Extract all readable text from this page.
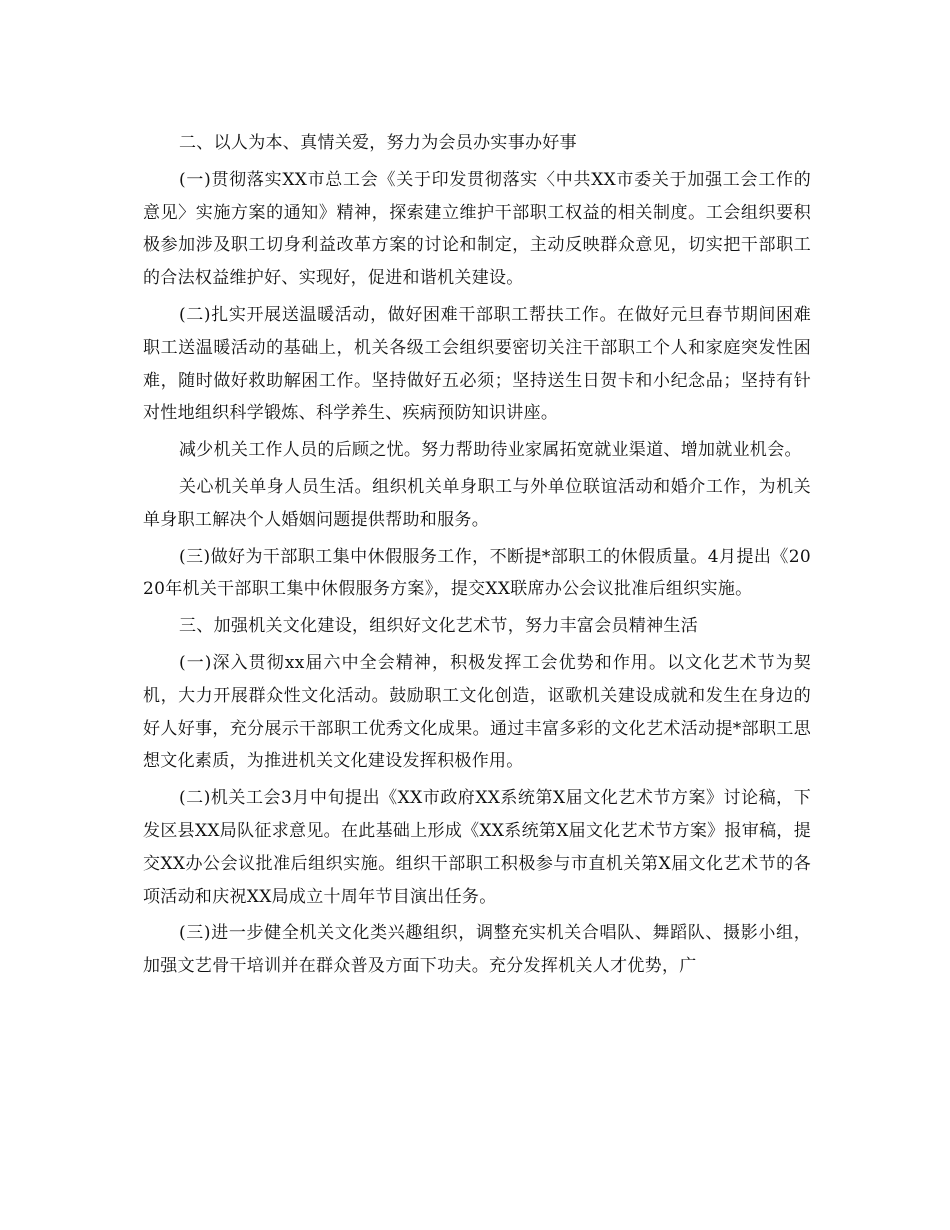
二、以人为本、真情关爱，努力为会员办实事办好事

(一)贯彻落实XX市总工会《关于印发贯彻落实〈中共XX市委关于加强工会工作的意见〉实施方案的通知》精神，探索建立维护干部职工权益的相关制度。工会组织要积极参加涉及职工切身利益改革方案的讨论和制定，主动反映群众意见，切实把干部职工的合法权益维护好、实现好，促进和谐机关建设。

(二)扎实开展送温暖活动，做好困难干部职工帮扶工作。在做好元旦春节期间困难职工送温暖活动的基础上，机关各级工会组织要密切关注干部职工个人和家庭突发性困难，随时做好救助解困工作。坚持做好五必须；坚持送生日贺卡和小纪念品；坚持有针对性地组织科学锻炼、科学养生、疾病预防知识讲座。

减少机关工作人员的后顾之忧。努力帮助待业家属拓宽就业渠道、增加就业机会。

关心机关单身人员生活。组织机关单身职工与外单位联谊活动和婚介工作，为机关单身职工解决个人婚姻问题提供帮助和服务。

(三)做好为干部职工集中休假服务工作，不断提*部职工的休假质量。4月提出《2020年机关干部职工集中休假服务方案》，提交XX联席办公会议批准后组织实施。

三、加强机关文化建设，组织好文化艺术节，努力丰富会员精神生活

(一)深入贯彻xx届六中全会精神，积极发挥工会优势和作用。以文化艺术节为契机，大力开展群众性文化活动。鼓励职工文化创造，讴歌机关建设成就和发生在身边的好人好事，充分展示干部职工优秀文化成果。通过丰富多彩的文化艺术活动提*部职工思想文化素质，为推进机关文化建设发挥积极作用。

(二)机关工会3月中旬提出《XX市政府XX系统第X届文化艺术节方案》讨论稿，下发区县XX局队征求意见。在此基础上形成《XX系统第X届文化艺术节方案》报审稿，提交XX办公会议批准后组织实施。组织干部职工积极参与市直机关第X届文化艺术节的各项活动和庆祝XX局成立十周年节目演出任务。

(三)进一步健全机关文化类兴趣组织，调整充实机关合唱队、舞蹈队、摄影小组，加强文艺骨干培训并在群众普及方面下功夫。充分发挥机关人才优势，广
